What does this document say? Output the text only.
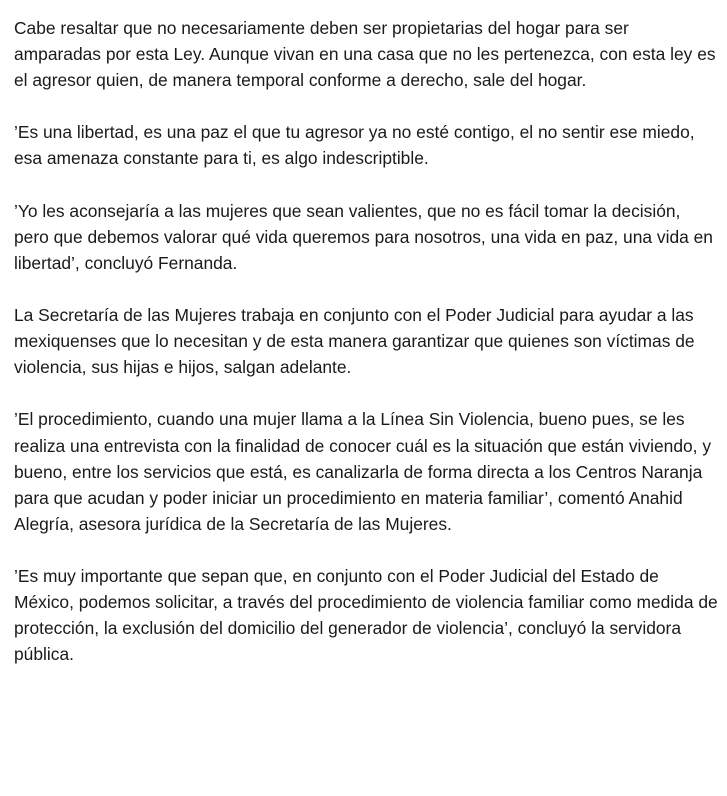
Cabe resaltar que no necesariamente deben ser propietarias del hogar para ser amparadas por esta Ley. Aunque vivan en una casa que no les pertenezca, con esta ley es el agresor quien, de manera temporal conforme a derecho, sale del hogar.

’Es una libertad, es una paz el que tu agresor ya no esté contigo, el no sentir ese miedo, esa amenaza constante para ti, es algo indescriptible.

’Yo les aconsejaría a las mujeres que sean valientes, que no es fácil tomar la decisión, pero que debemos valorar qué vida queremos para nosotros, una vida en paz, una vida en libertad’, concluyó Fernanda.

La Secretaría de las Mujeres trabaja en conjunto con el Poder Judicial para ayudar a las mexiquenses que lo necesitan y de esta manera garantizar que quienes son víctimas de violencia, sus hijas e hijos, salgan adelante.

’El procedimiento, cuando una mujer llama a la Línea Sin Violencia, bueno pues, se les realiza una entrevista con la finalidad de conocer cuál es la situación que están viviendo, y bueno, entre los servicios que está, es canalizarla de forma directa a los Centros Naranja para que acudan y poder iniciar un procedimiento en materia familiar’, comentó Anahid Alegría, asesora jurídica de la Secretaría de las Mujeres.

’Es muy importante que sepan que, en conjunto con el Poder Judicial del Estado de México, podemos solicitar, a través del procedimiento de violencia familiar como medida de protección, la exclusión del domicilio del generador de violencia’, concluyó la servidora pública.
